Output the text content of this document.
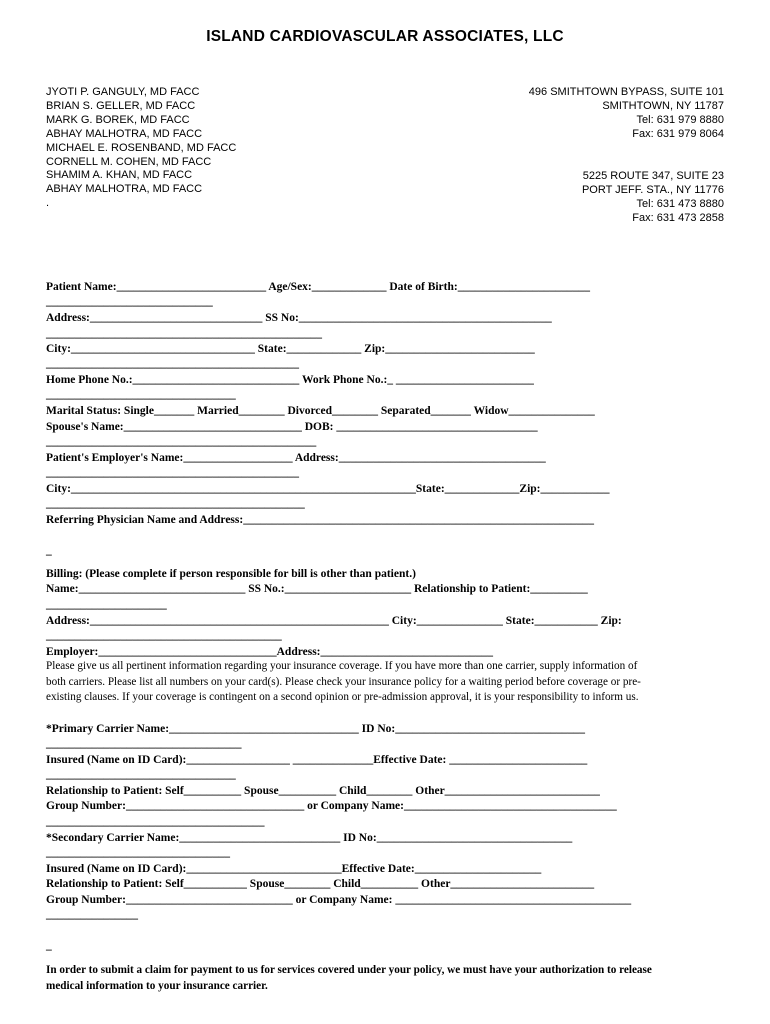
ISLAND CARDIOVASCULAR ASSOCIATES, LLC
JYOTI P. GANGULY, MD FACC
BRIAN S. GELLER, MD FACC
MARK G. BOREK, MD FACC
ABHAY MALHOTRA, MD FACC
MICHAEL E. ROSENBAND, MD FACC
CORNELL M. COHEN, MD FACC
SHAMIM A. KHAN, MD FACC
ABHAY MALHOTRA, MD FACC
.
496 SMITHTOWN BYPASS, SUITE 101
SMITHTOWN, NY 11787
Tel: 631 979 8880
Fax: 631 979 8064
5225 ROUTE 347, SUITE 23
PORT JEFF. STA., NY 11776
Tel: 631 473 8880
Fax: 631 473 2858
Patient Name:__________________________ Age/Sex:_____________ Date of Birth:_______________________
_____________________________
Address:______________________________ SS No:____________________________________________
________________________________________________
City:________________________________ State:_____________ Zip:__________________________
____________________________________________
Home Phone No.:_____________________________ Work Phone No.:_ ________________________
_________________________________
Marital Status: Single_______ Married________ Divorced________ Separated_______ Widow_______________
Spouse's Name:_______________________________ DOB: ___________________________________
_______________________________________________
Patient's Employer's Name:___________________ Address:____________________________________
____________________________________________
City:____________________________________________________________State:_____________Zip:____________
_____________________________________________
Referring Physician Name and Address:_____________________________________________________________
_
Billing: (Please complete if person responsible for bill is other than patient.)
Name:_____________________________ SS No.:______________________ Relationship to Patient:__________
_____________________
Address:____________________________________________________ City:_______________ State:___________ Zip:
_________________________________________
Employer:_______________________________Address:______________________________
Please give us all pertinent information regarding your insurance coverage. If you have more than one carrier, supply information of
both carriers. Please list all numbers on your card(s). Please check your insurance policy for a waiting period before coverage or pre-
existing clauses. If your coverage is contingent on a second opinion or pre-admission approval, it is your responsibility to inform us.
*Primary Carrier Name:_________________________________ ID No:_________________________________
__________________________________
Insured (Name on ID Card):__________________ ______________Effective Date: ________________________
_________________________________
Relationship to Patient: Self__________ Spouse__________ Child________ Other___________________________
Group Number:_______________________________ or Company Name:_____________________________________
______________________________________
*Secondary Carrier Name:____________________________ ID No:__________________________________
________________________________
Insured (Name on ID Card):___________________________Effective Date:______________________
Relationship to Patient: Self___________ Spouse________ Child__________ Other_________________________
Group Number:_____________________________ or Company Name: _________________________________________
________________
_
In order to submit a claim for payment to us for services covered under your policy, we must have your authorization to release
medical information to your insurance carrier.
